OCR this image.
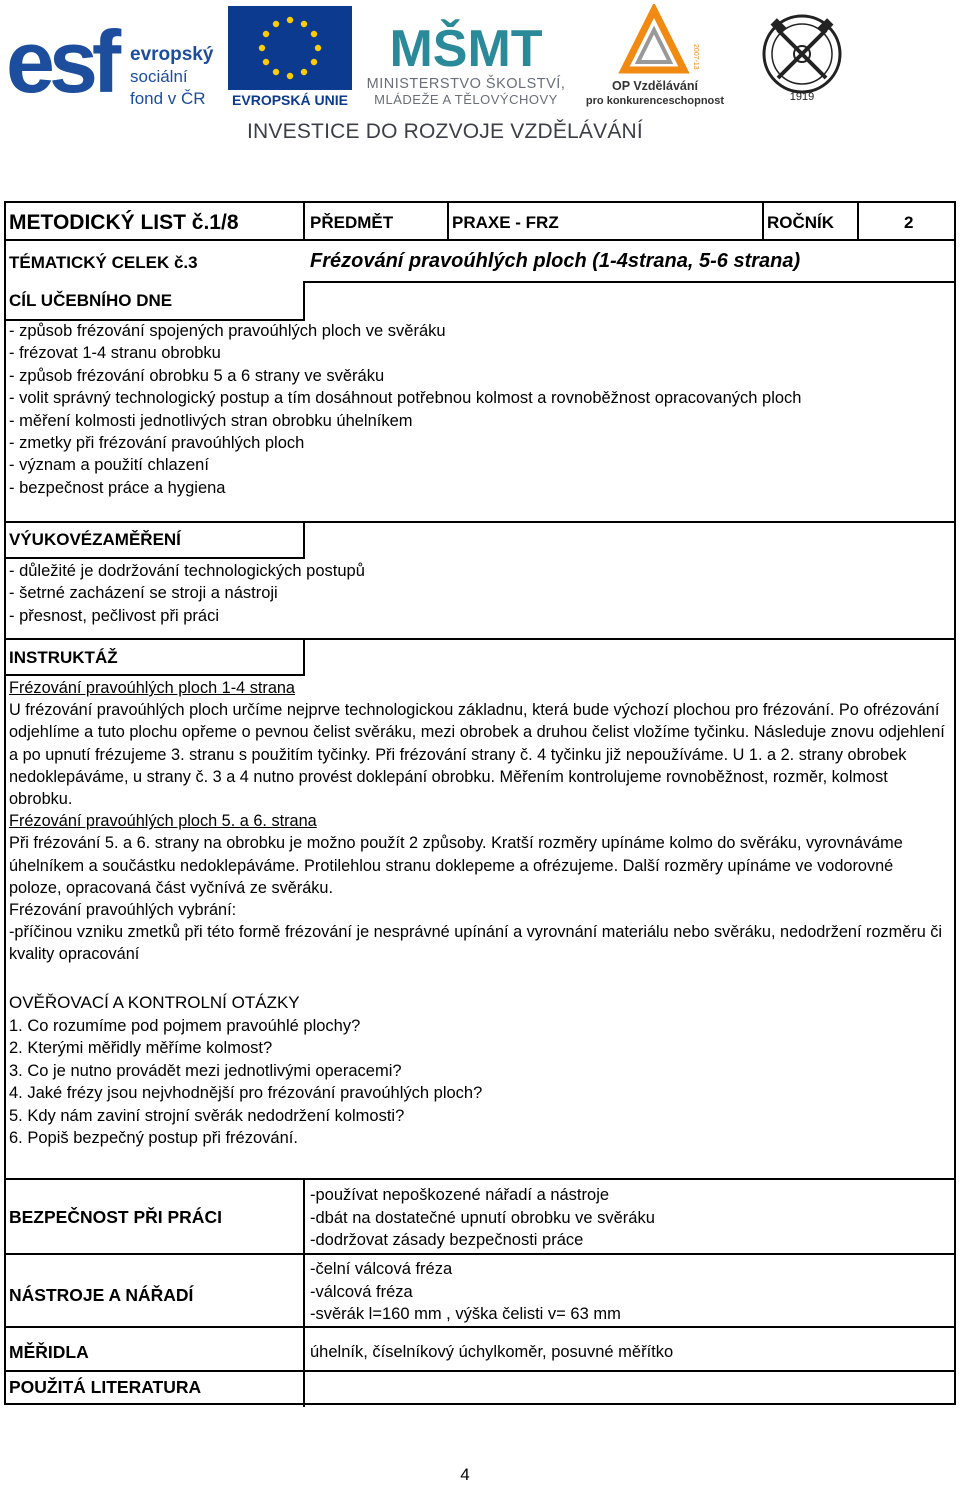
esf evropský
sociální
fond v ČR EVROPSKÁ UNIE
MŠMT
MINISTERSTVO ŠKOLSTVÍ,
MLÁDEŽE A TĚLOVÝCHOVY
2007-13
OP Vzdělávání
pro konkurenceschopnost	1919
INVESTICE DO ROZVOJE VZDĚLÁVÁNÍ
METODICKÝ LIST č.1/8	PŘEDMĚT	PRAXE - FRZ	ROČNÍK	2
TÉMATICKÝ CELEK č.3	Frézování pravoúhlých ploch (1-4strana, 5-6 strana)
CÍL UČEBNÍHO DNE
- způsob frézování spojených pravoúhlých ploch ve svěráku
- frézovat 1-4 stranu obrobku
- způsob frézování obrobku 5 a 6 strany ve svěráku
- volit správný technologický postup a tím dosáhnout potřebnou kolmost a rovnoběžnost opracovaných ploch
- měření kolmosti jednotlivých stran obrobku úhelníkem
- zmetky při frézování pravoúhlých ploch
- význam a použití chlazení
- bezpečnost práce a hygiena
VÝUKOVÉZAMĚŘENÍ
- důležité je dodržování technologických postupů
- šetrné zacházení se stroji a nástroji
- přesnost, pečlivost při práci
INSTRUKTÁŽ
Frézování pravoúhlých ploch 1-4 strana
U frézování pravoúhlých ploch určíme nejprve technologickou základnu, která bude výchozí plochou pro frézování. Po ofrézování odjehlíme a tuto plochu opřeme o pevnou čelist svěráku, mezi obrobek a druhou čelist vložíme tyčinku. Následuje znovu odjehlení a po upnutí frézujeme 3. stranu s použitím tyčinky. Při frézování strany č. 4 tyčinku již nepoužíváme. U 1. a 2. strany obrobek nedoklepáváme, u strany č. 3 a 4 nutno provést doklepání obrobku. Měřením kontrolujeme rovnoběžnost, rozměr, kolmost obrobku.
Frézování pravoúhlých ploch 5. a 6. strana
Při frézování 5. a 6. strany na obrobku je možno použít 2 způsoby. Kratší rozměry upínáme kolmo do svěráku, vyrovnáváme úhelníkem a součástku nedoklepáváme. Protilehlou stranu doklepeme a ofrézujeme. Další rozměry upínáme ve vodorovné poloze, opracovaná část vyčnívá ze svěráku.
Frézování pravoúhlých vybrání:
-příčinou vzniku zmetků při této formě frézování je nesprávné upínání a vyrovnání materiálu nebo svěráku, nedodržení rozměru či kvality opracování
OVĚŘOVACÍ A KONTROLNÍ OTÁZKY
1. Co rozumíme pod pojmem pravoúhlé plochy?
2. Kterými měřidly měříme kolmost?
3. Co je nutno provádět mezi jednotlivými operacemi?
4. Jaké frézy jsou nejvhodnější pro frézování pravoúhlých ploch?
5. Kdy nám zaviní strojní svěrák nedodržení kolmosti?
6. Popiš bezpečný postup při frézování.
BEZPEČNOST PŘI PRÁCI
-používat nepoškozené nářadí a nástroje
-dbát na dostatečné upnutí obrobku ve svěráku
-dodržovat zásady bezpečnosti práce
NÁSTROJE A NÁŘADÍ
-čelní válcová fréza
-válcová fréza
-svěrák l=160 mm , výška čelisti v= 63 mm
MĚŘIDLA	úhelník, číselníkový úchylkoměr, posuvné měřítko
POUŽITÁ LITERATURA
4
